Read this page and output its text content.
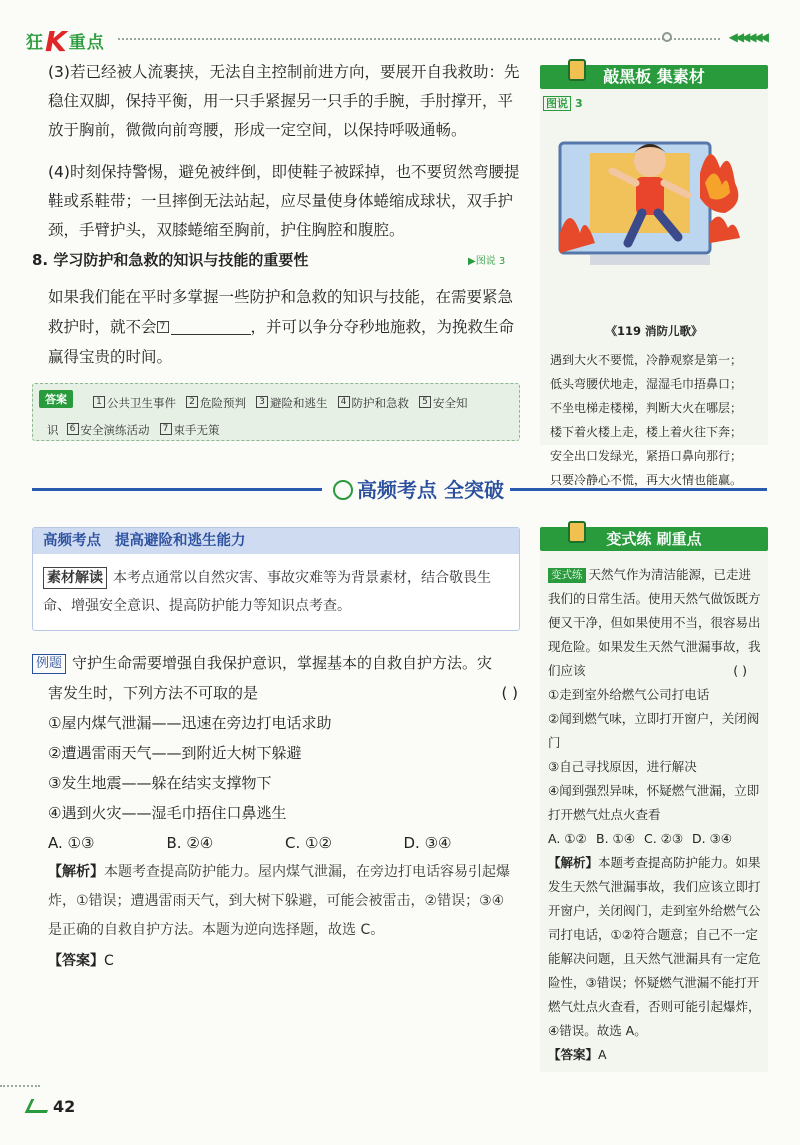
狂K重点	◀◀◀◀◀◀
(3)若已经被人流裹挟，无法自主控制前进方向，要展开自我救助：先稳住双脚，保持平衡，用一只手紧握另一只手的手腕，手肘撑开，平放于胸前，微微向前弯腰，形成一定空间，以保持呼吸通畅。
(4)时刻保持警惕，避免被绊倒，即使鞋子被踩掉，也不要贸然弯腰提鞋或系鞋带；一旦摔倒无法站起，应尽量使身体蜷缩成球状，双手护颈，手臂护头，双膝蜷缩至胸前，护住胸腔和腹腔。
8. 学习防护和急救的知识与技能的重要性	▶图说 3
如果我们能在平时多掌握一些防护和急救的知识与技能，在需要紧急救护时，就不会 7	，并可以争分夺秒地施救，为挽救生命赢得宝贵的时间。
答案	1 公共卫生事件 2 危险预判 3 避险和逃生 4 防护和急救 5 安全知
识 6 安全演练活动 7 束手无策
敲黑板 集素材
图说 3
《119 消防儿歌》
遇到大火不要慌，冷静观察是第一；
低头弯腰伏地走，湿湿毛巾捂鼻口；
不坐电梯走楼梯，判断大火在哪层；
楼下着火楼上走，楼上着火往下奔；
安全出口发绿光，紧捂口鼻向那行；
只要冷静心不慌，再大火情也能赢。
高频考点 全突破
高频考点 提高避险和逃生能力
素材解读 本考点通常以自然灾害、事故灾难等为背景素材，结合敬畏生命、增强安全意识、提高防护能力等知识点考查。
例题 守护生命需要增强自我保护意识，掌握基本的自救自护方法。灾
害发生时，下列方法不可取的是	( )
①屋内煤气泄漏——迅速在旁边打电话求助
②遭遇雷雨天气——到附近大树下躲避
③发生地震——躲在结实支撑物下
④遇到火灾——湿毛巾捂住口鼻逃生
A. ①③	B. ②④	C. ①②	D. ③④
【解析】本题考查提高防护能力。屋内煤气泄漏，在旁边打电话容易引起爆炸，①错误；遭遇雷雨天气，到大树下躲避，可能会被雷击，②错误；③④是正确的自救自护方法。本题为逆向选择题，故选 C。
【答案】C
变式练 刷重点
变式练 天然气作为清洁能源，已走进我们的日常生活。使用天然气做饭既方便又干净，但如果使用不当，很容易出现危险。如果发生天然气泄漏事故，我们应该	( )
①走到室外给燃气公司打电话
②闻到燃气味，立即打开窗户，关闭阀门
③自己寻找原因，进行解决
④闻到强烈异味，怀疑燃气泄漏，立即打开燃气灶点火查看
A. ①② B. ①④ C. ②③ D. ③④
【解析】本题考查提高防护能力。如果发生天然气泄漏事故，我们应该立即打开窗户，关闭阀门，走到室外给燃气公司打电话，①②符合题意；自己不一定能解决问题，且天然气泄漏具有一定危险性，③错误；怀疑燃气泄漏不能打开燃气灶点火查看，否则可能引起爆炸，④错误。故选 A。
【答案】A
42
